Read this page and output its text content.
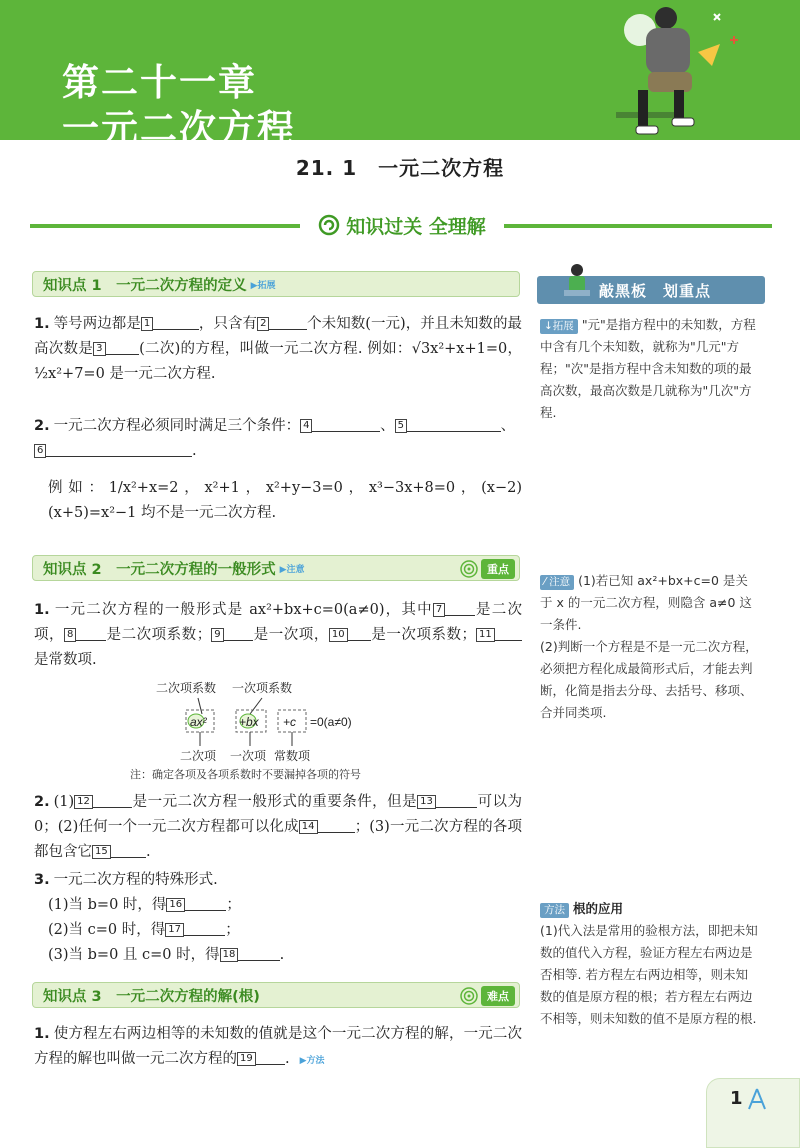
第二十一章
一元二次方程
21. 1　一元二次方程
知识过关 全理解
知识点 1　一元二次方程的定义 ▶拓展
1. 等号两边都是 1	，只含有 2	个未知数(一元)，并且未知数的最高次数是 3	(二次)的方程，叫做一元二次方程. 例如：√3x²+x+1=0，½x²+7=0 是一元二次方程.
2. 一元二次方程必须同时满足三个条件： 4	、 5	、
6	.
例如：1/x²+x=2，x²+1，x²+y−3=0，x³−3x+8=0，(x−2)(x+5)=x²−1 均不是一元二次方程.
知识点 2　一元二次方程的一般形式 ▶注意	重点
1. 一元二次方程的一般形式是 ax²+bx+c=0(a≠0)，其中 7 是二次项， 8 是二次项系数； 9 是一次项， 10 是一次项系数； 11是常数项.
二次项系数 一次项系数
ax²	+bx +c =0(a≠0)
二次项 一次项 常数项
注：确定各项及各项系数时不要漏掉各项的符号
2. (1) 12	是一元二次方程一般形式的重要条件，但是 13	可以为 0；(2)任何一个一元二次方程都可以化成 14	；(3)一元二次方程的各项都包含它 15	.
3. 一元二次方程的特殊形式.
(1)当 b=0 时，得 16	；
(2)当 c=0 时，得 17	；
(3)当 b=0 且 c=0 时，得 18	.
知识点 3　一元二次方程的解(根)	难点
1. 使方程左右两边相等的未知数的值就是这个一元二次方程的解，一元二次方程的解也叫做一元二次方程的 19 . ▶方法
敲黑板　划重点
↓拓展 "元"是指方程中的未知数，方程中含有几个未知数，就称为"几元"方程；"次"是指方程中含未知数的项的最高次数，最高次数是几就称为"几次"方程.
⁄ 注意 (1)若已知 ax²+bx+c=0 是关于 x 的一元二次方程，则隐含 a≠0 这一条件.
(2)判断一个方程是不是一元二次方程，必须把方程化成最简形式后，才能去判断，化简是指去分母、去括号、移项、合并同类项.
方法 根的应用
(1)代入法是常用的验根方法，即把未知数的值代入方程，验证方程左右两边是否相等. 若方程左右两边相等，则未知数的值是原方程的根；若方程左右两边不相等，则未知数的值不是原方程的根.
1
